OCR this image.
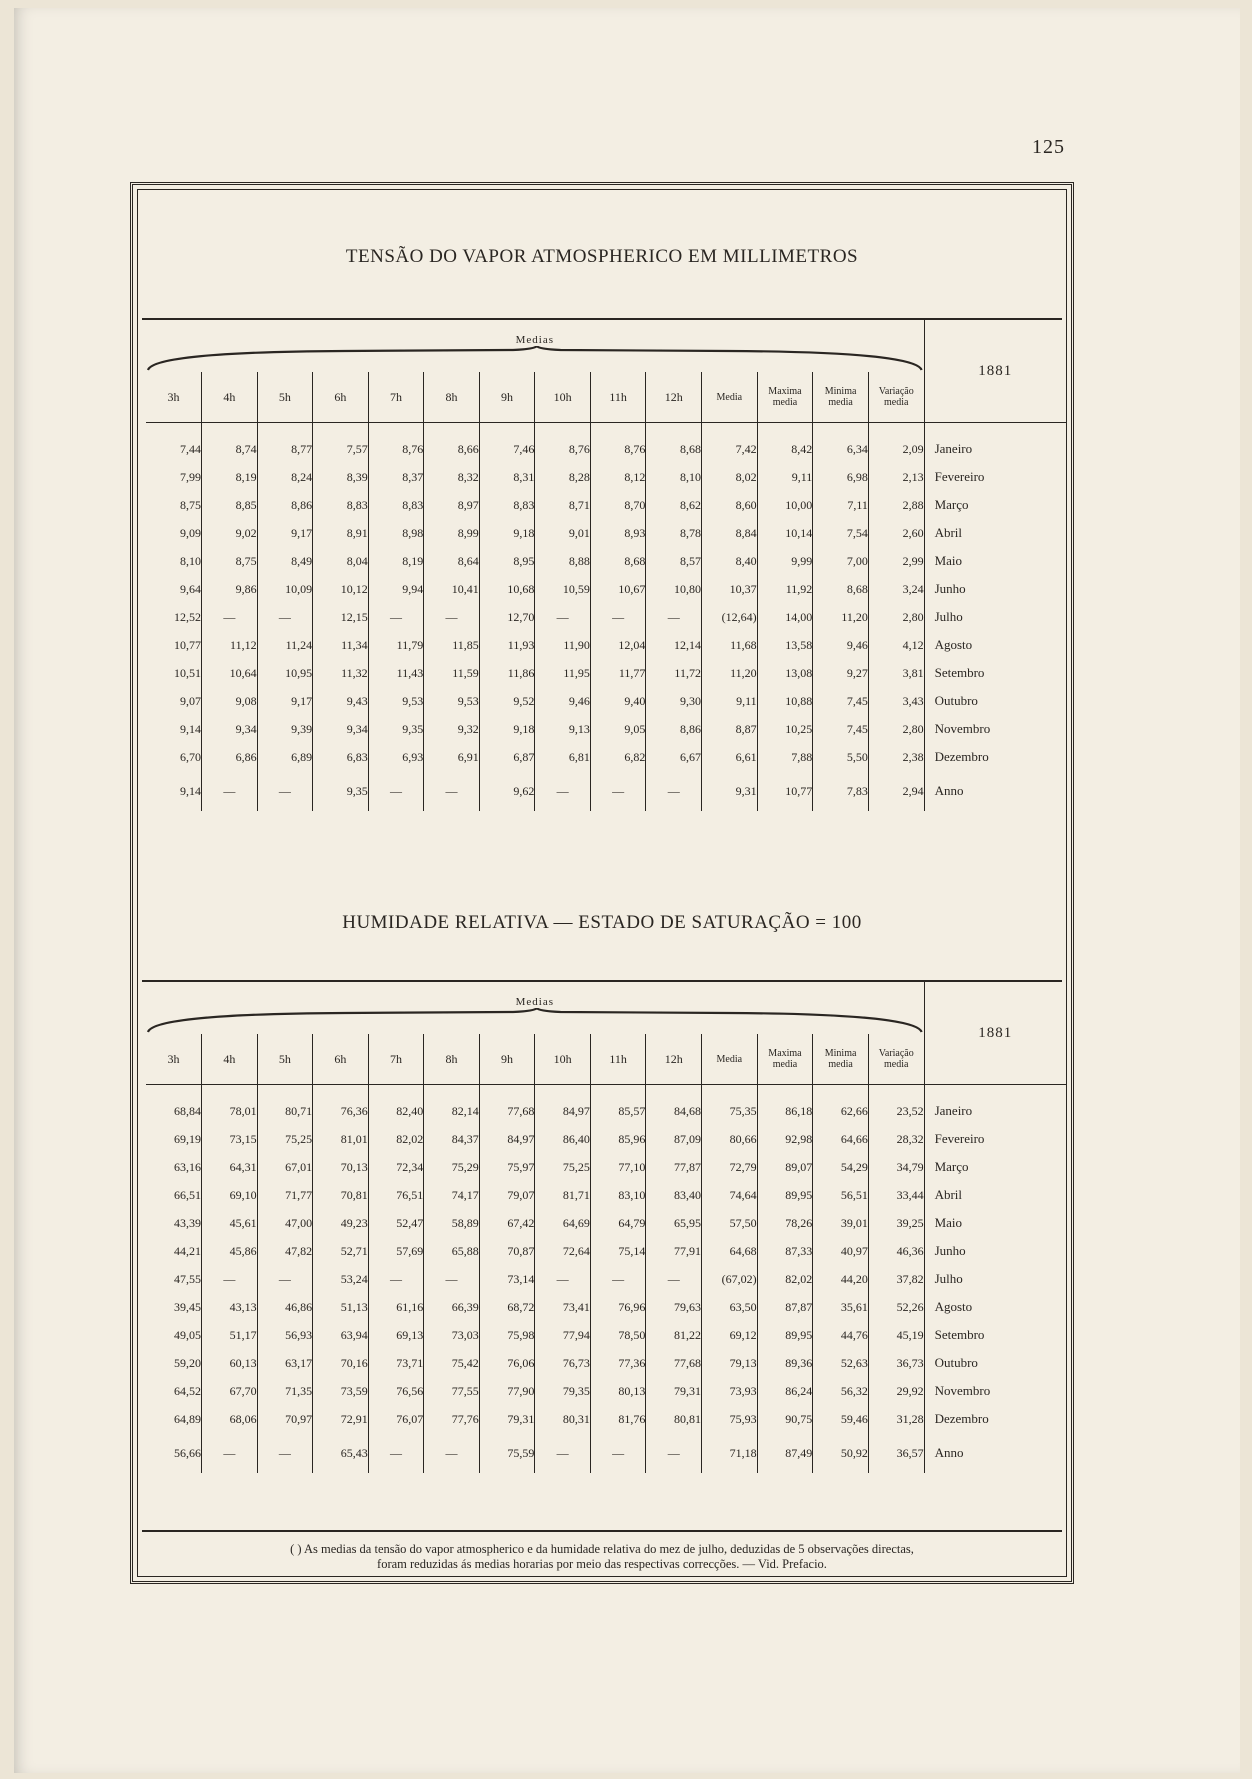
125
TENSÃO DO VAPOR ATMOSPHERICO EM MILLIMETROS
Medias														1881

3h	4h	5h	6h	7h	8h	9h	10h	11h	12h	Media	Maxima media	Minima media	Variação media	

7,44	8,74	8,77	7,57	8,76	8,66	7,46	8,76	8,76	8,68	7,42	8,42	6,34	2,09	Janeiro
7,99	8,19	8,24	8,39	8,37	8,32	8,31	8,28	8,12	8,10	8,02	9,11	6,98	2,13	Fevereiro
8,75	8,85	8,86	8,83	8,83	8,97	8,83	8,71	8,70	8,62	8,60	10,00	7,11	2,88	Março
9,09	9,02	9,17	8,91	8,98	8,99	9,18	9,01	8,93	8,78	8,84	10,14	7,54	2,60	Abril
8,10	8,75	8,49	8,04	8,19	8,64	8,95	8,88	8,68	8,57	8,40	9,99	7,00	2,99	Maio
9,64	9,86	10,09	10,12	9,94	10,41	10,68	10,59	10,67	10,80	10,37	11,92	8,68	3,24	Junho
12,52	—	—	12,15	—	—	12,70	—	—	—	(12,64)	14,00	11,20	2,80	Julho
10,77	11,12	11,24	11,34	11,79	11,85	11,93	11,90	12,04	12,14	11,68	13,58	9,46	4,12	Agosto
10,51	10,64	10,95	11,32	11,43	11,59	11,86	11,95	11,77	11,72	11,20	13,08	9,27	3,81	Setembro
9,07	9,08	9,17	9,43	9,53	9,53	9,52	9,46	9,40	9,30	9,11	10,88	7,45	3,43	Outubro
9,14	9,34	9,39	9,34	9,35	9,32	9,18	9,13	9,05	8,86	8,87	10,25	7,45	2,80	Novembro
6,70	6,86	6,89	6,83	6,93	6,91	6,87	6,81	6,82	6,67	6,61	7,88	5,50	2,38	Dezembro
9,14	—	—	9,35	—	—	9,62	—	—	—	9,31	10,77	7,83	2,94	Anno
HUMIDADE RELATIVA — ESTADO DE SATURAÇÃO = 100
Medias														1881

3h	4h	5h	6h	7h	8h	9h	10h	11h	12h	Media	Maxima media	Minima media	Variação media	

68,84	78,01	80,71	76,36	82,40	82,14	77,68	84,97	85,57	84,68	75,35	86,18	62,66	23,52	Janeiro
69,19	73,15	75,25	81,01	82,02	84,37	84,97	86,40	85,96	87,09	80,66	92,98	64,66	28,32	Fevereiro
63,16	64,31	67,01	70,13	72,34	75,29	75,97	75,25	77,10	77,87	72,79	89,07	54,29	34,79	Março
66,51	69,10	71,77	70,81	76,51	74,17	79,07	81,71	83,10	83,40	74,64	89,95	56,51	33,44	Abril
43,39	45,61	47,00	49,23	52,47	58,89	67,42	64,69	64,79	65,95	57,50	78,26	39,01	39,25	Maio
44,21	45,86	47,82	52,71	57,69	65,88	70,87	72,64	75,14	77,91	64,68	87,33	40,97	46,36	Junho
47,55	—	—	53,24	—	—	73,14	—	—	—	(67,02)	82,02	44,20	37,82	Julho
39,45	43,13	46,86	51,13	61,16	66,39	68,72	73,41	76,96	79,63	63,50	87,87	35,61	52,26	Agosto
49,05	51,17	56,93	63,94	69,13	73,03	75,98	77,94	78,50	81,22	69,12	89,95	44,76	45,19	Setembro
59,20	60,13	63,17	70,16	73,71	75,42	76,06	76,73	77,36	77,68	79,13	89,36	52,63	36,73	Outubro
64,52	67,70	71,35	73,59	76,56	77,55	77,90	79,35	80,13	79,31	73,93	86,24	56,32	29,92	Novembro
64,89	68,06	70,97	72,91	76,07	77,76	79,31	80,31	81,76	80,81	75,93	90,75	59,46	31,28	Dezembro
56,66	—	—	65,43	—	—	75,59	—	—	—	71,18	87,49	50,92	36,57	Anno
( ) As medias da tensão do vapor atmospherico e da humidade relativa do mez de julho, deduzidas de 5 observações directas,
foram reduzidas ás medias horarias por meio das respectivas correcções. — Vid. Prefacio.
